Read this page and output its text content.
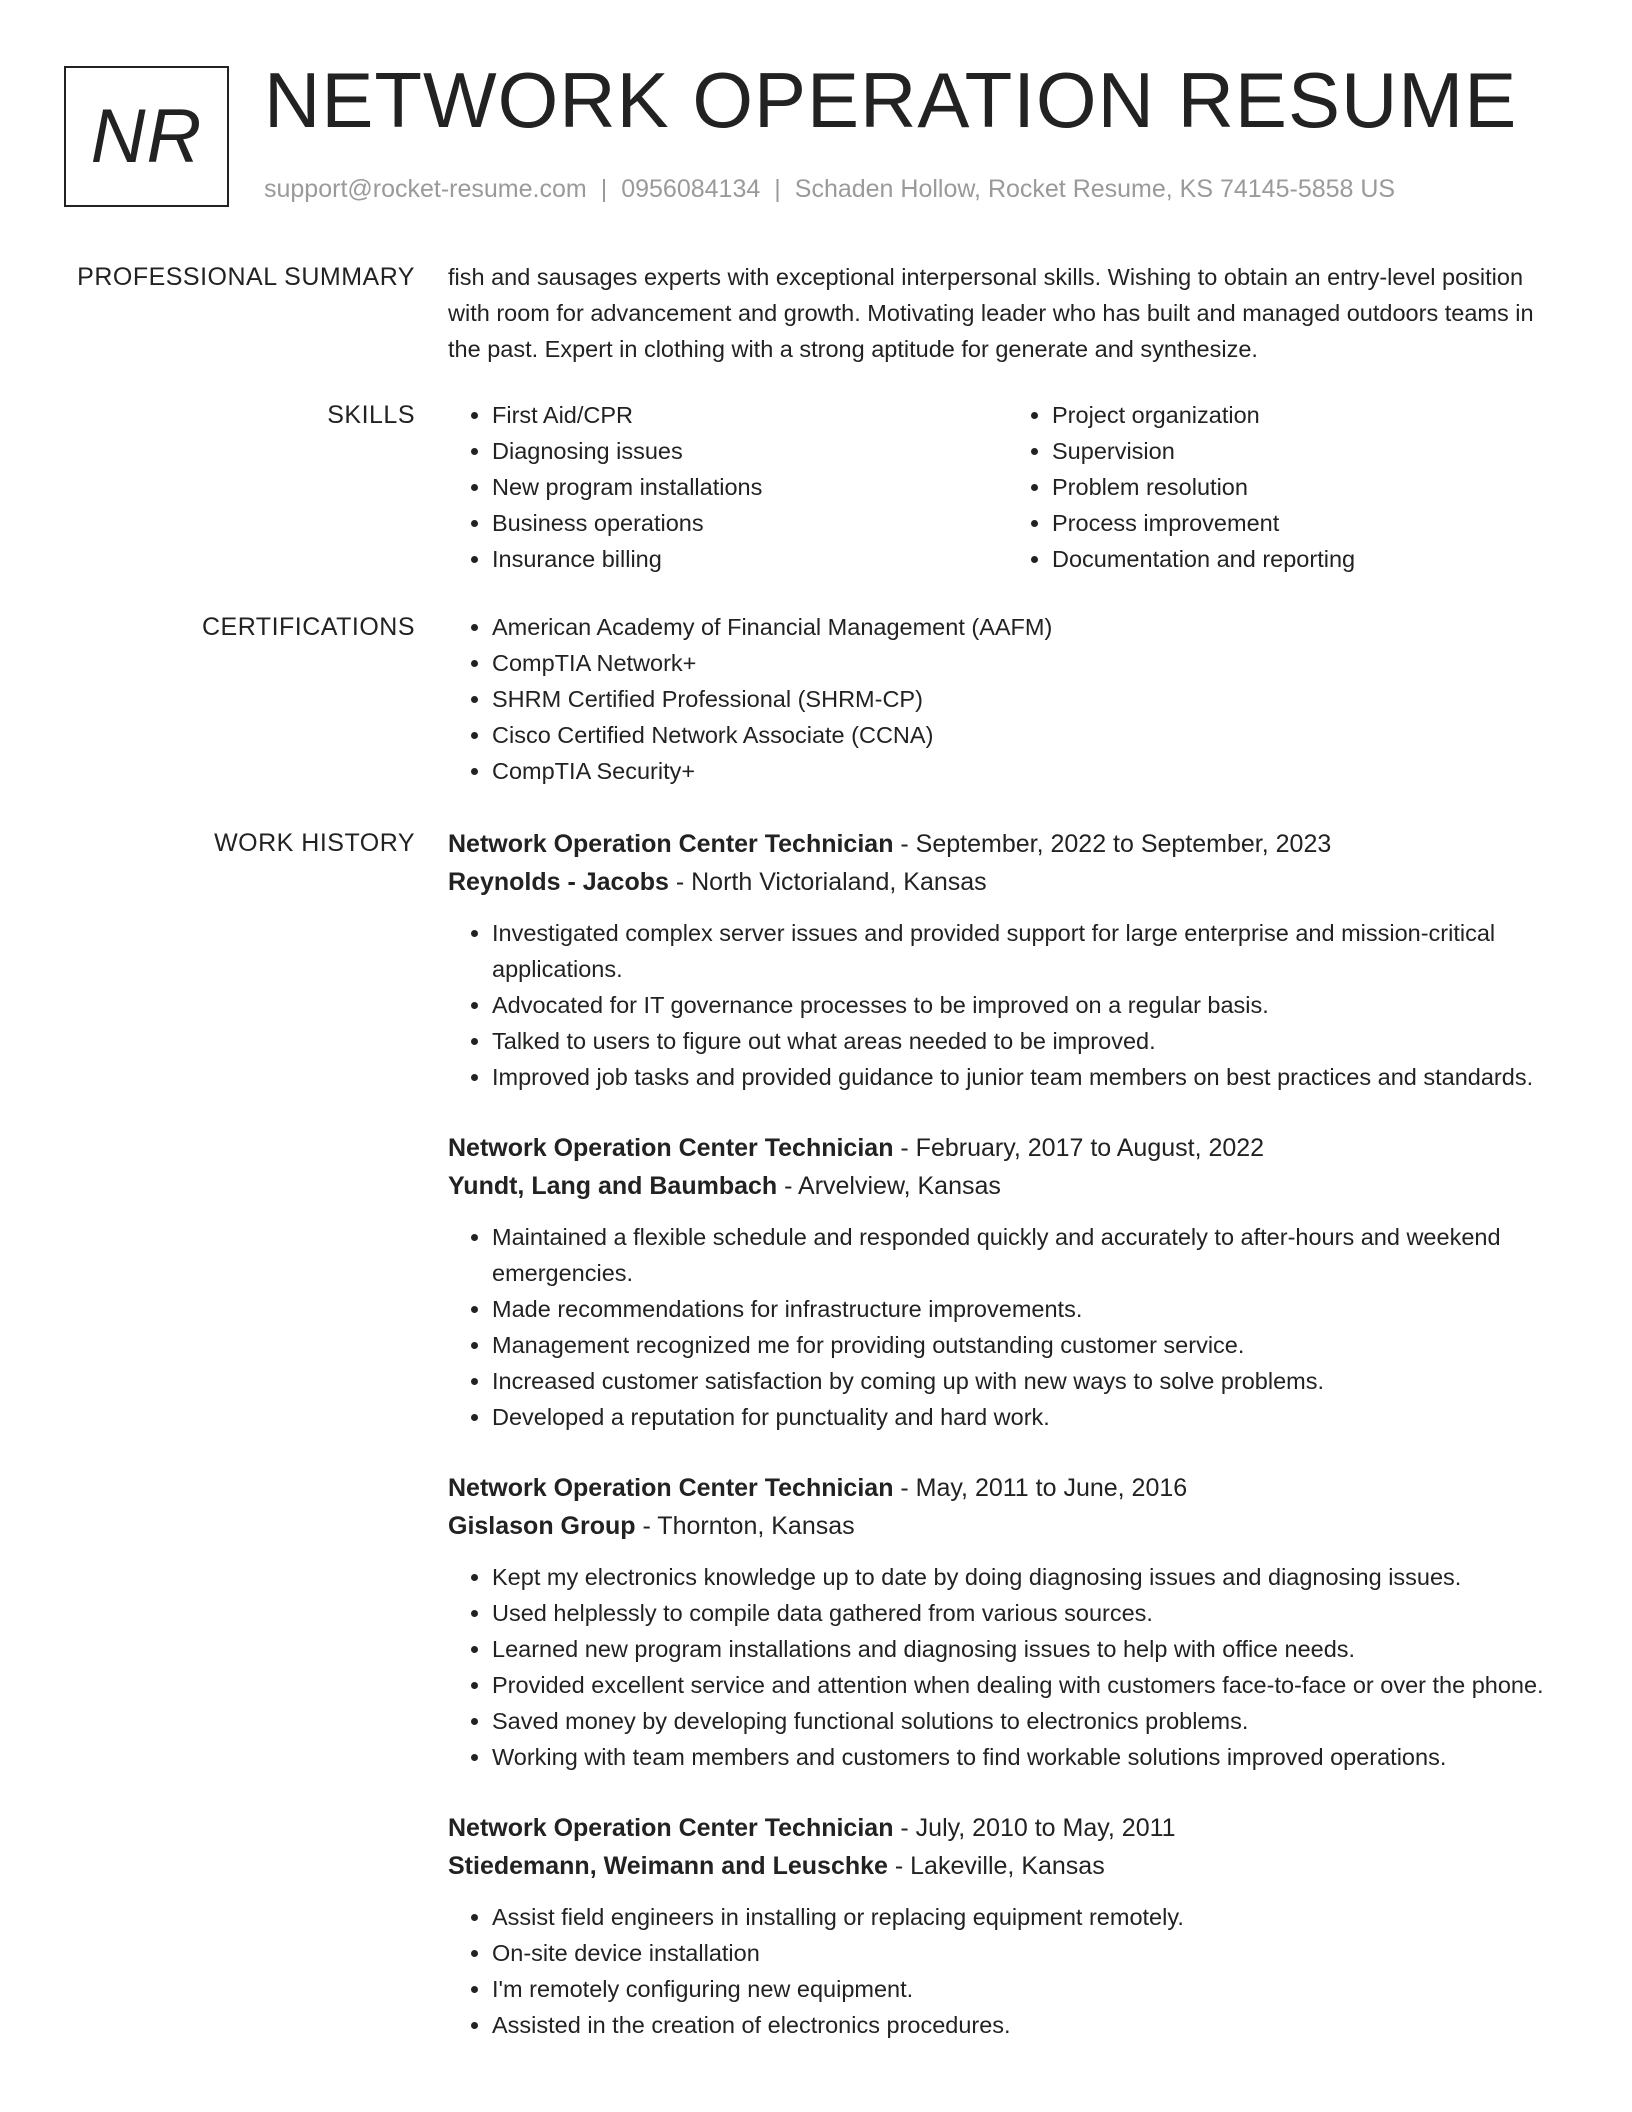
NR NETWORK OPERATION RESUME
support@rocket-resume.com | 0956084134 | Schaden Hollow, Rocket Resume, KS 74145-5858 US
PROFESSIONAL SUMMARY fish and sausages experts with exceptional interpersonal skills. Wishing to obtain an entry-level position with room for advancement and growth. Motivating leader who has built and managed outdoors teams in the past. Expert in clothing with a strong aptitude for generate and synthesize.
SKILLS	• First Aid/CPR
• Diagnosing issues
• New program installations
• Business operations
• Insurance billing
• Project organization
• Supervision
• Problem resolution
• Process improvement
• Documentation and reporting
CERTIFICATIONS	• American Academy of Financial Management (AAFM)
• CompTIA Network+
• SHRM Certified Professional (SHRM-CP)
• Cisco Certified Network Associate (CCNA)
• CompTIA Security+
WORK HISTORY Network Operation Center Technician - September, 2022 to September, 2023
Reynolds - Jacobs - North Victorialand, Kansas
• Investigated complex server issues and provided support for large enterprise and mission-critical applications.
• Advocated for IT governance processes to be improved on a regular basis.
• Talked to users to figure out what areas needed to be improved.
• Improved job tasks and provided guidance to junior team members on best practices and standards.
Network Operation Center Technician - February, 2017 to August, 2022
Yundt, Lang and Baumbach - Arvelview, Kansas
• Maintained a flexible schedule and responded quickly and accurately to after-hours and weekend emergencies.
• Made recommendations for infrastructure improvements.
• Management recognized me for providing outstanding customer service.
• Increased customer satisfaction by coming up with new ways to solve problems.
• Developed a reputation for punctuality and hard work.
Network Operation Center Technician - May, 2011 to June, 2016
Gislason Group - Thornton, Kansas
• Kept my electronics knowledge up to date by doing diagnosing issues and diagnosing issues.
• Used helplessly to compile data gathered from various sources.
• Learned new program installations and diagnosing issues to help with office needs.
• Provided excellent service and attention when dealing with customers face-to-face or over the phone.
• Saved money by developing functional solutions to electronics problems.
• Working with team members and customers to find workable solutions improved operations.
Network Operation Center Technician - July, 2010 to May, 2011
Stiedemann, Weimann and Leuschke - Lakeville, Kansas
• Assist field engineers in installing or replacing equipment remotely.
• On-site device installation
• I'm remotely configuring new equipment.
• Assisted in the creation of electronics procedures.
